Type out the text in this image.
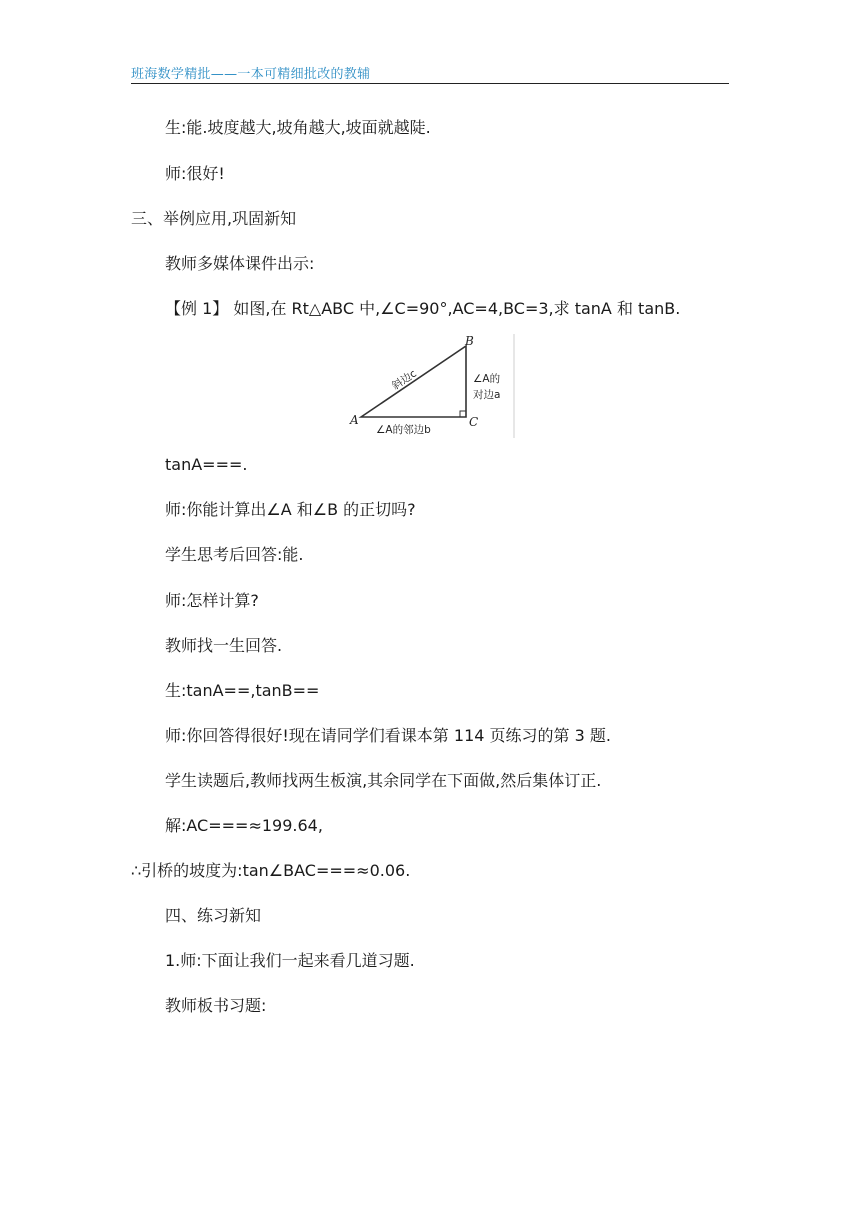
班海数学精批——一本可精细批改的教辅
生:能.坡度越大,坡角越大,坡面就越陡.
师:很好!
三、举例应用,巩固新知
教师多媒体课件出示:
【例 1】 如图,在 Rt△ABC 中,∠C=90°,AC=4,BC=3,求 tanA 和 tanB.
A
B
C
斜边c	∠A的
对边a
∠A的邻边b
tanA===.
师:你能计算出∠A 和∠B 的正切吗?
学生思考后回答:能.
师:怎样计算?
教师找一生回答.
生:tanA==,tanB==
师:你回答得很好!现在请同学们看课本第 114 页练习的第 3 题.
学生读题后,教师找两生板演,其余同学在下面做,然后集体订正.
解:AC===≈199.64,
∴引桥的坡度为:tan∠BAC===≈0.06.
四、练习新知
1.师:下面让我们一起来看几道习题.
教师板书习题:
